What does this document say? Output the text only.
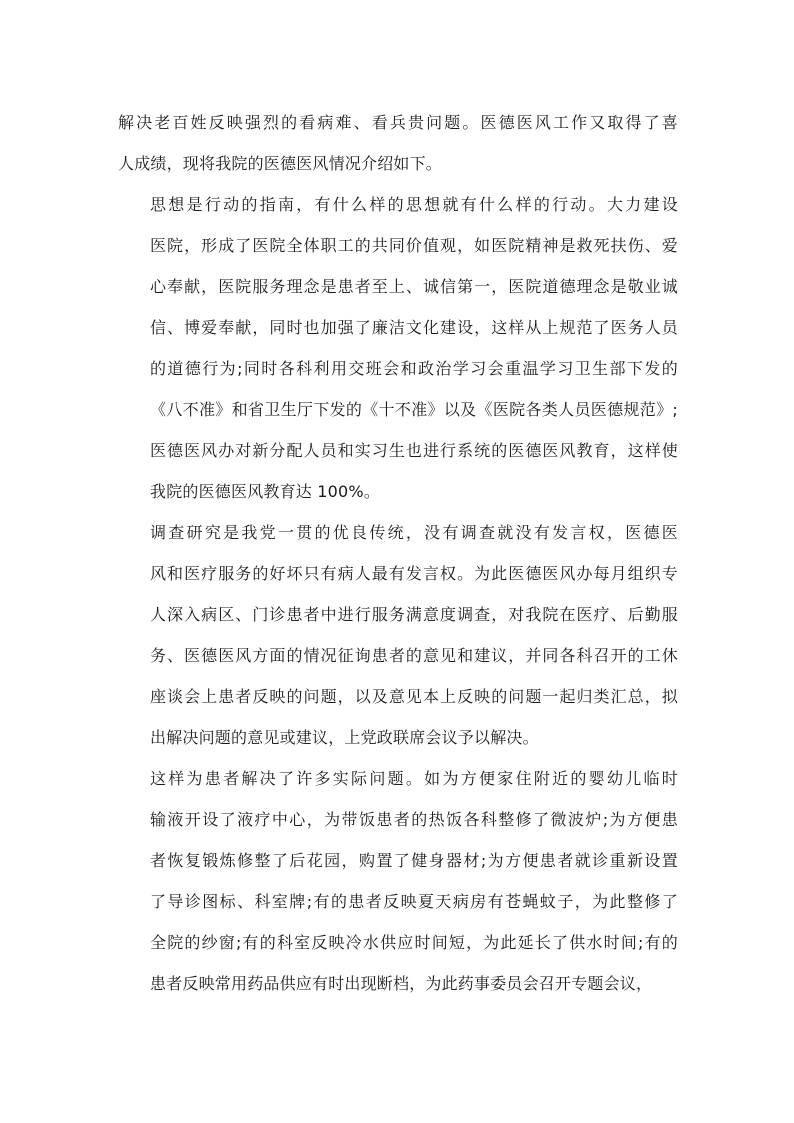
解决老百姓反映强烈的看病难、看兵贵问题。医德医风工作又取得了喜
人成绩，现将我院的医德医风情况介绍如下。
思想是行动的指南，有什么样的思想就有什么样的行动。大力建设
医院，形成了医院全体职工的共同价值观，如医院精神是救死扶伤、爱
心奉献，医院服务理念是患者至上、诚信第一，医院道德理念是敬业诚
信、博爱奉献，同时也加强了廉洁文化建设，这样从上规范了医务人员
的道德行为;同时各科利用交班会和政治学习会重温学习卫生部下发的
《八不准》和省卫生厅下发的《十不准》以及《医院各类人员医德规范》;
医德医风办对新分配人员和实习生也进行系统的医德医风教育，这样使
我院的医德医风教育达 100%。
调查研究是我党一贯的优良传统，没有调查就没有发言权，医德医
风和医疗服务的好坏只有病人最有发言权。为此医德医风办每月组织专
人深入病区、门诊患者中进行服务满意度调查，对我院在医疗、后勤服
务、医德医风方面的情况征询患者的意见和建议，并同各科召开的工休
座谈会上患者反映的问题，以及意见本上反映的问题一起归类汇总，拟
出解决问题的意见或建议，上党政联席会议予以解决。
这样为患者解决了许多实际问题。如为方便家住附近的婴幼儿临时
输液开设了液疗中心，为带饭患者的热饭各科整修了微波炉;为方便患
者恢复锻炼修整了后花园，购置了健身器材;为方便患者就诊重新设置
了导诊图标、科室牌;有的患者反映夏天病房有苍蝇蚊子，为此整修了
全院的纱窗;有的科室反映冷水供应时间短，为此延长了供水时间;有的
患者反映常用药品供应有时出现断档，为此药事委员会召开专题会议，
